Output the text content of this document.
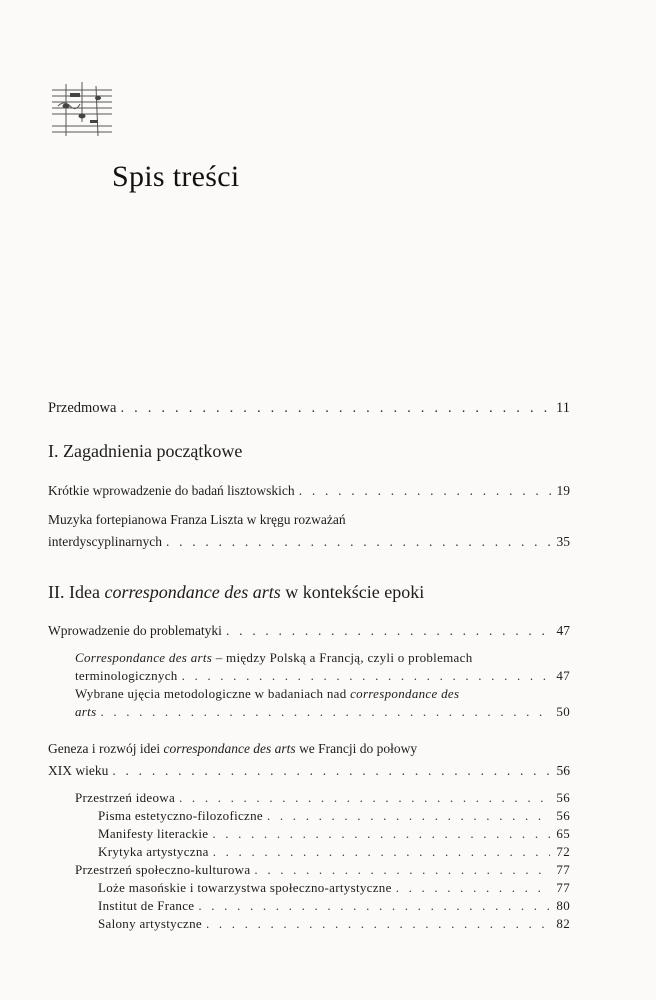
Spis treści
Przedmowa . . .	11
I. Zagadnienia początkowe
Krótkie wprowadzenie do badań lisztowskich . . .	19
Muzyka fortepianowa Franza Liszta w kręgu rozważań
interdyscyplinarnych . . .	35
II. Idea correspondance des arts w kontekście epoki
Wprowadzenie do problematyki . . .	47
Correspondance des arts – między Polską a Francją, czyli o problemach
terminologicznych . . .	47
Wybrane ujęcia metodologiczne w badaniach nad correspondance des
arts . . .	50
Geneza i rozwój idei correspondance des arts we Francji do połowy
XIX wieku . . .	56
Przestrzeń ideowa . . .	56
Pisma estetyczno-filozoficzne . . .	56
Manifesty literackie . . .	65
Krytyka artystyczna . . .	72
Przestrzeń społeczno-kulturowa . . .	77
Loże masońskie i towarzystwa społeczno-artystyczne . . .	77
Institut de France . . .	80
Salony artystyczne . . .	82
